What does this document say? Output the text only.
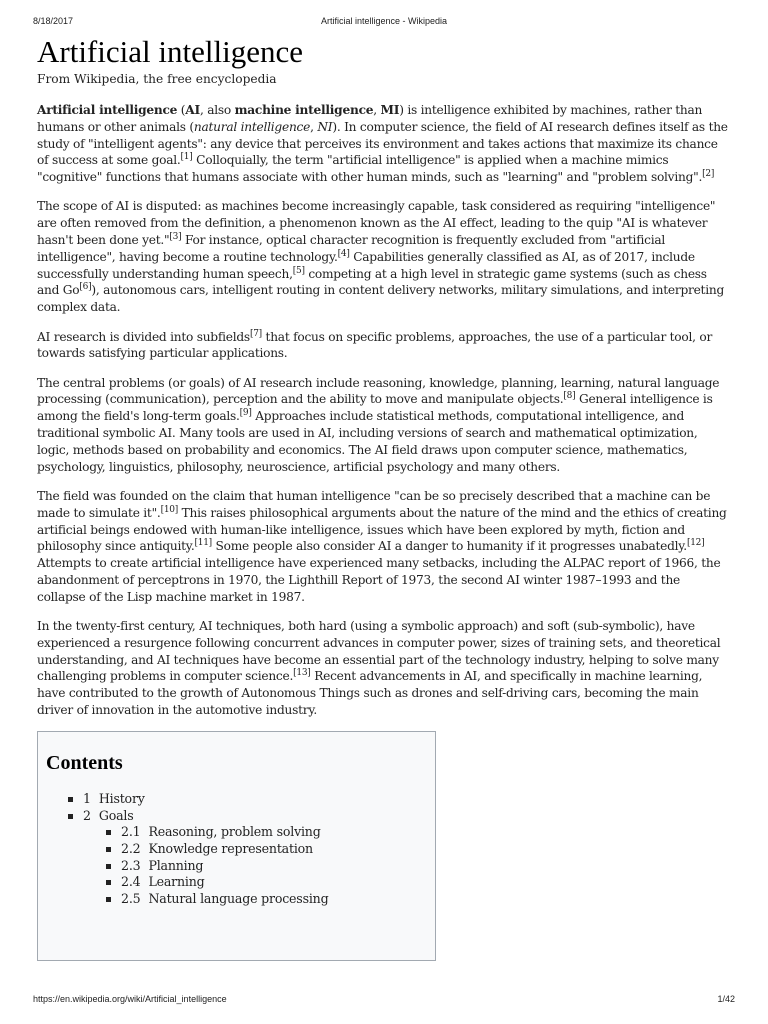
8/18/2017	Artificial intelligence - Wikipedia
Artificial intelligence
From Wikipedia, the free encyclopedia

Artificial intelligence (AI, also machine intelligence, MI) is intelligence exhibited by machines, rather than humans or other animals (natural intelligence, NI). In computer science, the field of AI research defines itself as the study of "intelligent agents": any device that perceives its environment and takes actions that maximize its chance of success at some goal.[1] Colloquially, the term "artificial intelligence" is applied when a machine mimics "cognitive" functions that humans associate with other human minds, such as "learning" and "problem solving".[2]

The scope of AI is disputed: as machines become increasingly capable, task considered as requiring "intelligence" are often removed from the definition, a phenomenon known as the AI effect, leading to the quip "AI is whatever hasn't been done yet."[3] For instance, optical character recognition is frequently excluded from "artificial intelligence", having become a routine technology.[4] Capabilities generally classified as AI, as of 2017, include successfully understanding human speech,[5] competing at a high level in strategic game systems (such as chess and Go[6]), autonomous cars, intelligent routing in content delivery networks, military simulations, and interpreting complex data.

AI research is divided into subfields[7] that focus on specific problems, approaches, the use of a particular tool, or towards satisfying particular applications.

The central problems (or goals) of AI research include reasoning, knowledge, planning, learning, natural language processing (communication), perception and the ability to move and manipulate objects.[8] General intelligence is among the field's long-term goals.[9] Approaches include statistical methods, computational intelligence, and traditional symbolic AI. Many tools are used in AI, including versions of search and mathematical optimization, logic, methods based on probability and economics. The AI field draws upon computer science, mathematics, psychology, linguistics, philosophy, neuroscience, artificial psychology and many others.

The field was founded on the claim that human intelligence "can be so precisely described that a machine can be made to simulate it".[10] This raises philosophical arguments about the nature of the mind and the ethics of creating artificial beings endowed with human-like intelligence, issues which have been explored by myth, fiction and philosophy since antiquity.[11] Some people also consider AI a danger to humanity if it progresses unabatedly.[12] Attempts to create artificial intelligence have experienced many setbacks, including the ALPAC report of 1966, the abandonment of perceptrons in 1970, the Lighthill Report of 1973, the second AI winter 1987–1993 and the collapse of the Lisp machine market in 1987.

In the twenty-first century, AI techniques, both hard (using a symbolic approach) and soft (sub-symbolic), have experienced a resurgence following concurrent advances in computer power, sizes of training sets, and theoretical understanding, and AI techniques have become an essential part of the technology industry, helping to solve many challenging problems in computer science.[13] Recent advancements in AI, and specifically in machine learning, have contributed to the growth of Autonomous Things such as drones and self-driving cars, becoming the main driver of innovation in the automotive industry.

Contents
1 History
2 Goals
2.1 Reasoning, problem solving
2.2 Knowledge representation
2.3 Planning
2.4 Learning
2.5 Natural language processing
https://en.wikipedia.org/wiki/Artificial_intelligence	1/42
